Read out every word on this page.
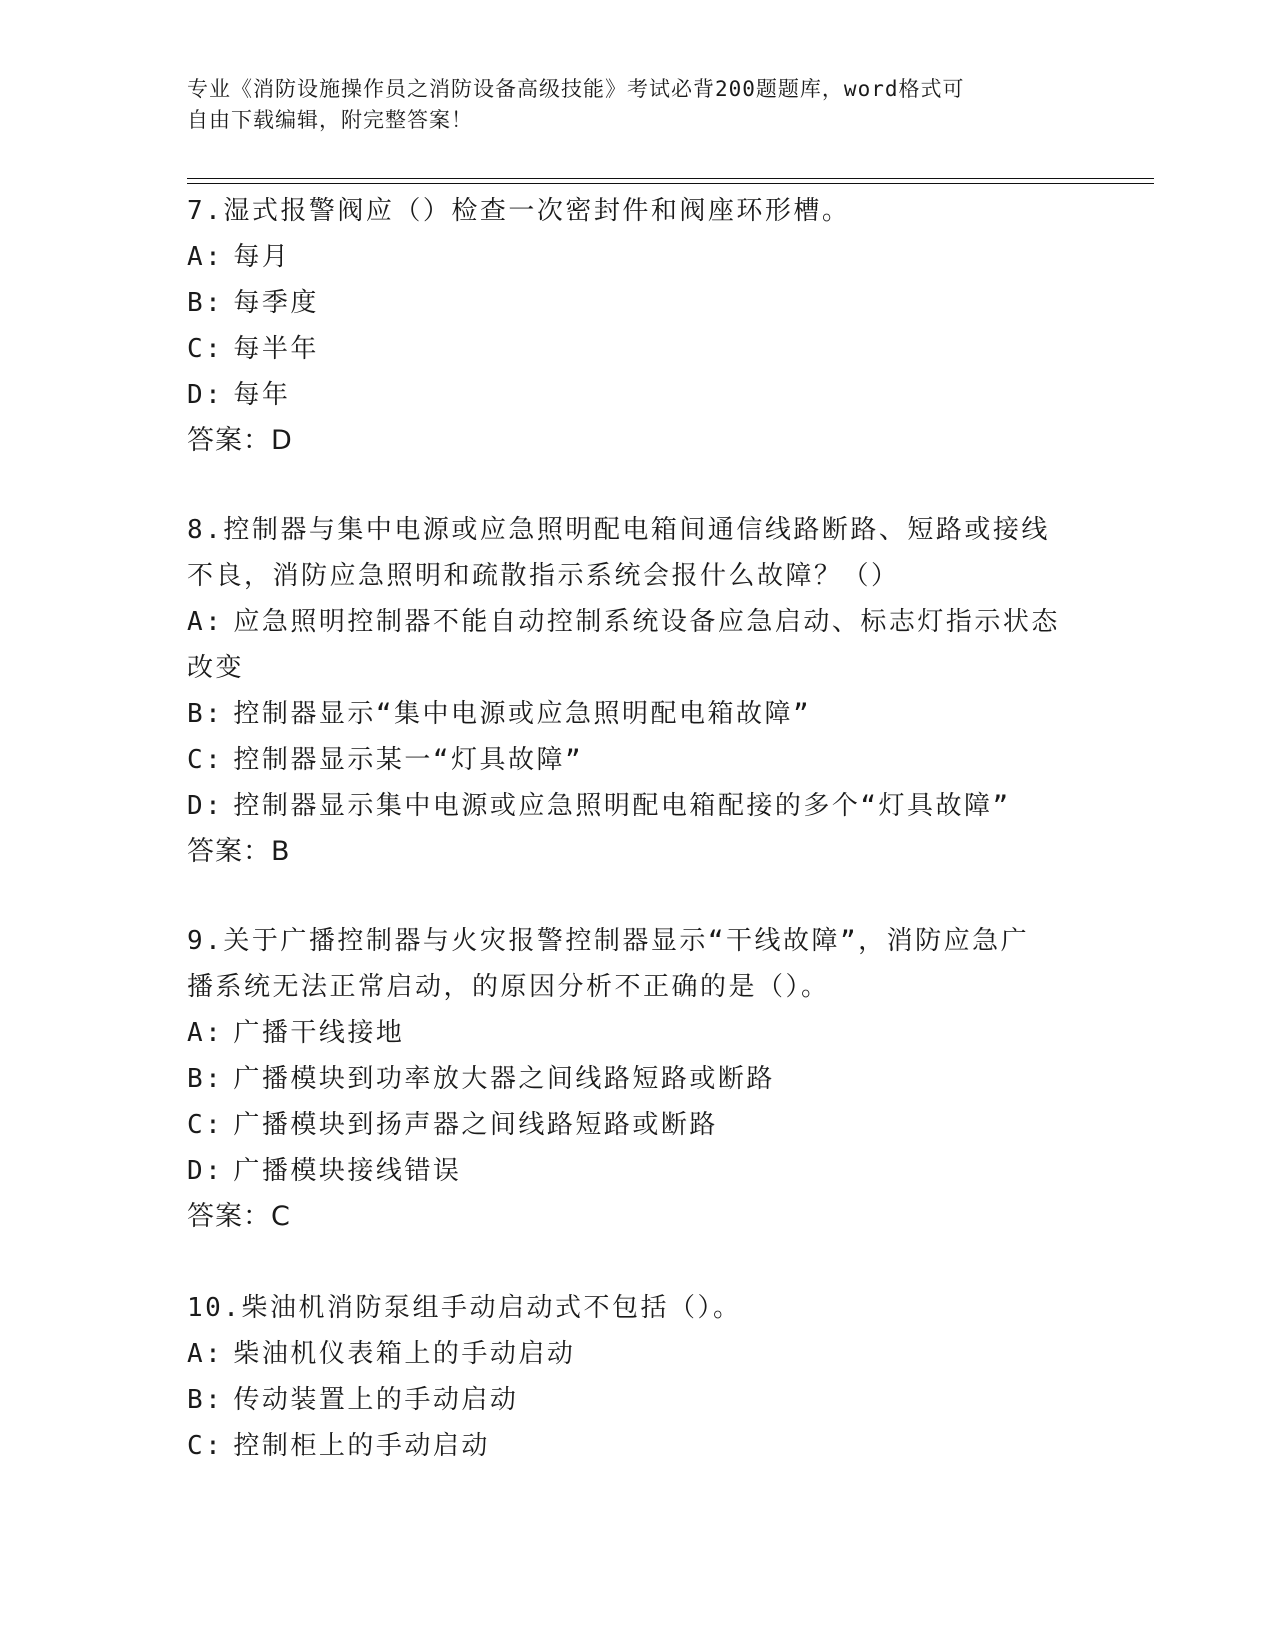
专业《消防设施操作员之消防设备高级技能》考试必背200题题库，word格式可
自由下载编辑，附完整答案！
7.湿式报警阀应（）检查一次密封件和阀座环形槽。
A: 每月
B: 每季度
C: 每半年
D: 每年
答案：D
8.控制器与集中电源或应急照明配电箱间通信线路断路、短路或接线
不良，消防应急照明和疏散指示系统会报什么故障？（）
A: 应急照明控制器不能自动控制系统设备应急启动、标志灯指示状态
改变
B: 控制器显示“集中电源或应急照明配电箱故障”
C: 控制器显示某一“灯具故障”
D: 控制器显示集中电源或应急照明配电箱配接的多个“灯具故障”
答案：B
9.关于广播控制器与火灾报警控制器显示“干线故障”，消防应急广
播系统无法正常启动，的原因分析不正确的是（）。
A: 广播干线接地
B: 广播模块到功率放大器之间线路短路或断路
C: 广播模块到扬声器之间线路短路或断路
D: 广播模块接线错误
答案：C
10.柴油机消防泵组手动启动式不包括（）。
A: 柴油机仪表箱上的手动启动
B: 传动装置上的手动启动
C: 控制柜上的手动启动
